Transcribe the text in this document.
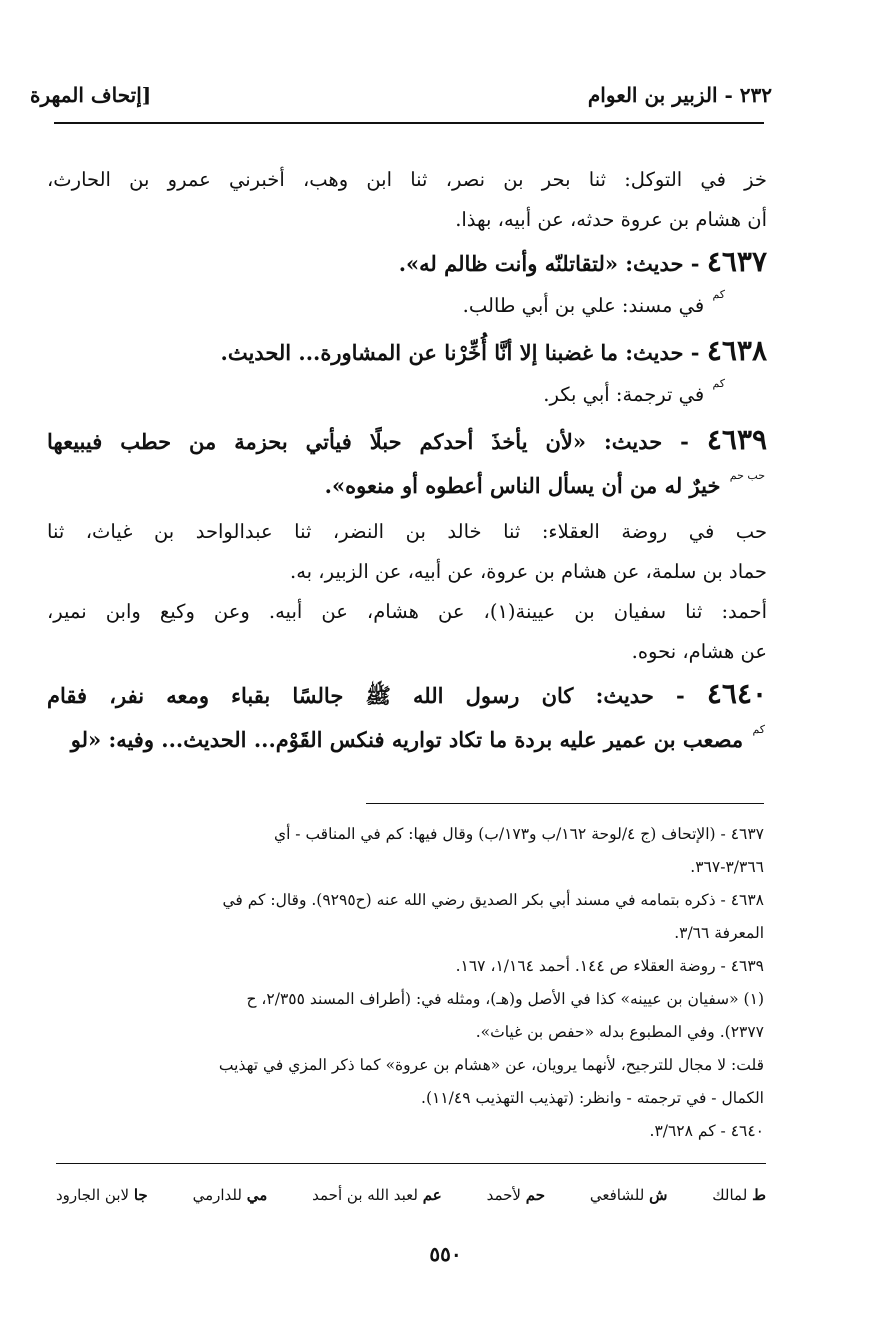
[إتحاف المهرة	٢٣٢ - الزبير بن العوام

خز في التوكل: ثنا بحر بن نصر، ثنا ابن وهب، أخبرني عمرو بن الحارث،

أن هشام بن عروة حدثه، عن أبيه، بهذا.

٤٦٣٧ - حديث: «لتقاتلنّه وأنت ظالم له».

$^{كم}$ في مسند: علي بن أبي طالب.

٤٦٣٨ - حديث: ما غضبنا إلا أنَّا أُخِّرْنا عن المشاورة... الحديث.

$^{كم}$ في ترجمة: أبي بكر.

٤٦٣٩ - حديث: «لأن يأخذَ أحدكم حبلًا فيأتي بحزمة من حطب فيبيعها

$^{حب حم}$ خيرٌ له من أن يسأل الناس أعطوه أو منعوه».

حب في روضة العقلاء: ثنا خالد بن النضر، ثنا عبدالواحد بن غياث، ثنا

حماد بن سلمة، عن هشام بن عروة، عن أبيه، عن الزبير، به.

أحمد: ثنا سفيان بن عيينة(١)، عن هشام، عن أبيه. وعن وكيع وابن نمير،

عن هشام، نحوه.

٤٦٤٠ - حديث: كان رسول الله ﷺ جالسًا بقباء ومعه نفر، فقام

$^{كم}$ مصعب بن عمير عليه بردة ما تكاد تواريه فنكس القَوْم... الحديث... وفيه: «لو

٤٦٣٧ - (الإتحاف (ج ٤/لوحة ١٦٢/ب و١٧٣/ب) وقال فيها: كم في المناقب - أي

٣/٣٦٦-٣٦٧.

٤٦٣٨ - ذكره بتمامه في مسند أبي بكر الصديق رضي الله عنه (ح٩٢٩٥). وقال: كم في

المعرفة ٣/٦٦.

٤٦٣٩ - روضة العقلاء ص ١٤٤. أحمد ١/١٦٤، ١٦٧.

(١) «سفيان بن عيينه» كذا في الأصل و(هـ)، ومثله في: (أطراف المسند ٢/٣٥٥، ح

٢٣٧٧). وفي المطبوع بدله «حفص بن غياث».

قلت: لا مجال للترجيح، لأنهما يرويان، عن «هشام بن عروة» كما ذكر المزي في تهذيب

الكمال - في ترجمته - وانظر: (تهذيب التهذيب ١١/٤٩).

٤٦٤٠ - كم ٣/٦٢٨.

جا لابن الجارود	مي للدارمي	عم لعبد الله بن أحمد	حم لأحمد	ش للشافعي	ط لمالك
٥٥٠
